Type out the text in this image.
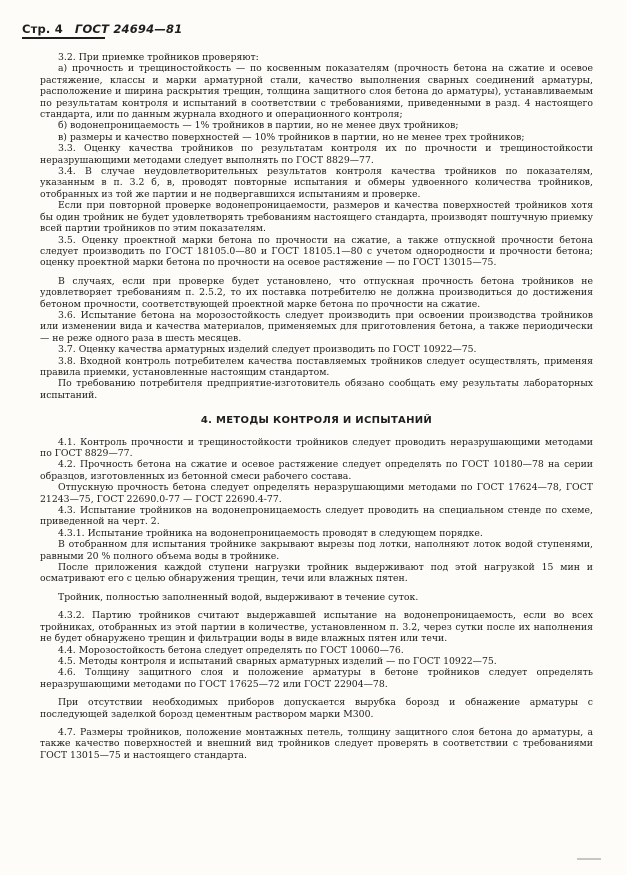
Стр. 4 ГОСТ 24694—81

3.2. При приемке тройников проверяют:

а) прочность и трещиностойкость — по косвенным показателям (прочность бетона на сжатие и осевое растяжение, классы и марки арматурной стали, качество выполнения сварных соединений арматуры, расположение и ширина раскрытия трещин, толщина защитного слоя бетона до арматуры), устанавливаемым по результатам контроля и испытаний в соответствии с требованиями, приведенными в разд. 4 настоящего стандарта, или по данным журнала входного и операционного контроля;

б) водонепроницаемость — 1% тройников в партии, но не менее двух тройников;

в) размеры и качество поверхностей — 10% тройников в партии, но не менее трех тройников;

3.3. Оценку качества тройников по результатам контроля их по прочности и трещиностойкости неразрушающими методами следует выполнять по ГОСТ 8829—77.

3.4. В случае неудовлетворительных результатов контроля качества тройников по показателям, указанным в п. 3.2 б, в, проводят повторные испытания и обмеры удвоенного количества тройников, отобранных из той же партии и не подвергавшихся испытаниям и проверке.

Если при повторной проверке водонепроницаемости, размеров и качества поверхностей тройников хотя бы один тройник не будет удовлетворять требованиям настоящего стандарта, производят поштучную приемку всей партии тройников по этим показателям.

3.5. Оценку проектной марки бетона по прочности на сжатие, а также отпускной прочности бетона следует производить по ГОСТ 18105.0—80 и ГОСТ 18105.1—80 с учетом однородности и прочности бетона; оценку проектной марки бетона по прочности на осевое растяжение — по ГОСТ 13015—75.

В случаях, если при проверке будет установлено, что отпускная прочность бетона тройников не удовлетворяет требованиям п. 2.5.2, то их поставка потребителю не должна производиться до достижения бетоном прочности, соответствующей проектной марке бетона по прочности на сжатие.

3.6. Испытание бетона на морозостойкость следует производить при освоении производства тройников или изменении вида и качества материалов, применяемых для приготовления бетона, а также периодически — не реже одного раза в шесть месяцев.

3.7. Оценку качества арматурных изделий следует производить по ГОСТ 10922—75.

3.8. Входной контроль потребителем качества поставляемых тройников следует осуществлять, применяя правила приемки, установленные настоящим стандартом.

По требованию потребителя предприятие-изготовитель обязано сообщать ему результаты лабораторных испытаний.

4. МЕТОДЫ КОНТРОЛЯ И ИСПЫТАНИЙ

4.1. Контроль прочности и трещиностойкости тройников следует проводить неразрушающими методами по ГОСТ 8829—77.

4.2. Прочность бетона на сжатие и осевое растяжение следует определять по ГОСТ 10180—78 на серии образцов, изготовленных из бетонной смеси рабочего состава.

Отпускную прочность бетона следует определять неразрушающими методами по ГОСТ 17624—78, ГОСТ 21243—75, ГОСТ 22690.0-77 — ГОСТ 22690.4-77.

4.3. Испытание тройников на водонепроницаемость следует проводить на специальном стенде по схеме, приведенной на черт. 2.

4.3.1. Испытание тройника на водонепроницаемость проводят в следующем порядке.

В отобранном для испытания тройнике закрывают вырезы под лотки, наполняют лоток водой ступенями, равными 20 % полного объема воды в тройнике.

После приложения каждой ступени нагрузки тройник выдерживают под этой нагрузкой 15 мин и осматривают его с целью обнаружения трещин, течи или влажных пятен.

Тройник, полностью заполненный водой, выдерживают в течение суток.

4.3.2. Партию тройников считают выдержавшей испытание на водонепроницаемость, если во всех тройниках, отобранных из этой партии в количестве, установленном п. 3.2, через сутки после их наполнения не будет обнаружено трещин и фильтрации воды в виде влажных пятен или течи.

4.4. Морозостойкость бетона следует определять по ГОСТ 10060—76.

4.5. Методы контроля и испытаний сварных арматурных изделий — по ГОСТ 10922—75.

4.6. Толщину защитного слоя и положение арматуры в бетоне тройников следует определять неразрушающими методами по ГОСТ 17625—72 или ГОСТ 22904—78.

При отсутствии необходимых приборов допускается вырубка борозд и обнажение арматуры с последующей заделкой борозд цементным раствором марки М300.

4.7. Размеры тройников, положение монтажных петель, толщину защитного слоя бетона до арматуры, а также качество поверхностей и внешний вид тройников следует проверять в соответствии с требованиями ГОСТ 13015—75 и настоящего стандарта.
